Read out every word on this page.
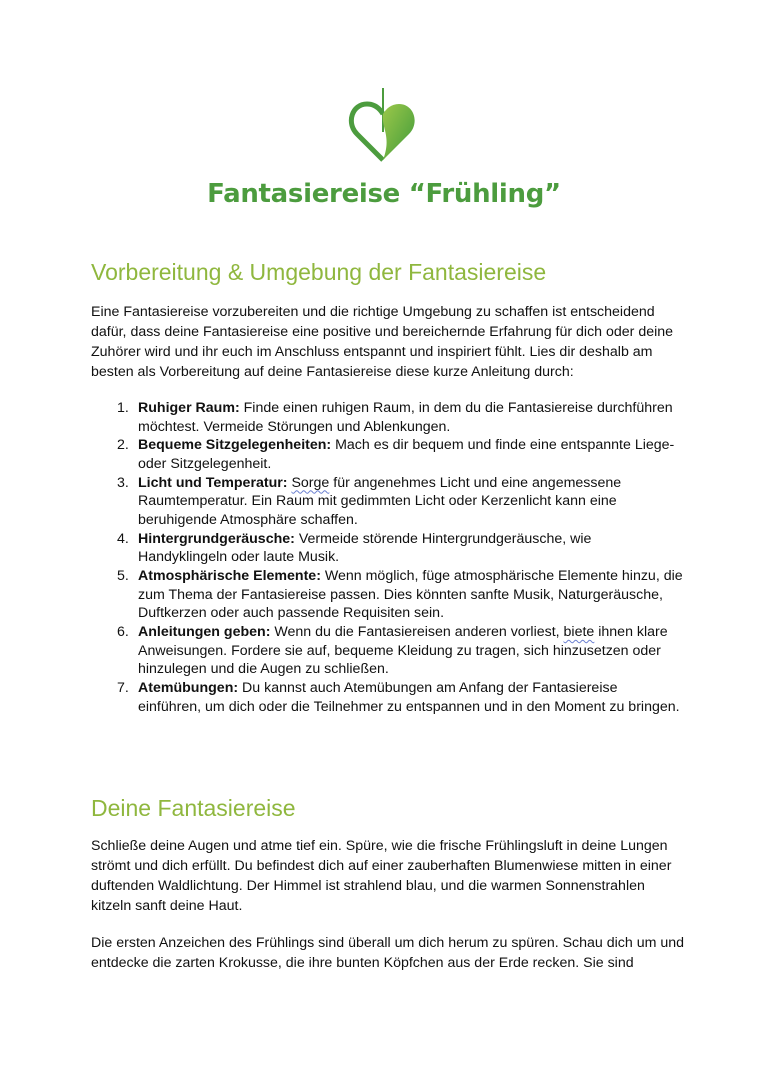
Fantasiereise “Frühling”
Vorbereitung & Umgebung der Fantasiereise
Eine Fantasiereise vorzubereiten und die richtige Umgebung zu schaffen ist entscheidend dafür, dass deine Fantasiereise eine positive und bereichernde Erfahrung für dich oder deine Zuhörer wird und ihr euch im Anschluss entspannt und inspiriert fühlt. Lies dir deshalb am besten als Vorbereitung auf deine Fantasiereise diese kurze Anleitung durch:
1. Ruhiger Raum: Finde einen ruhigen Raum, in dem du die Fantasiereise durchführen möchtest. Vermeide Störungen und Ablenkungen.
2. Bequeme Sitzgelegenheiten: Mach es dir bequem und finde eine entspannte Liege- oder Sitzgelegenheit.
3. Licht und Temperatur: Sorge für angenehmes Licht und eine angemessene Raumtemperatur. Ein Raum mit gedimmten Licht oder Kerzenlicht kann eine beruhigende Atmosphäre schaffen.
4. Hintergrundgeräusche: Vermeide störende Hintergrundgeräusche, wie Handyklingeln oder laute Musik.
5. Atmosphärische Elemente: Wenn möglich, füge atmosphärische Elemente hinzu, die zum Thema der Fantasiereise passen. Dies könnten sanfte Musik, Naturgeräusche, Duftkerzen oder auch passende Requisiten sein.
6. Anleitungen geben: Wenn du die Fantasiereisen anderen vorliest, biete ihnen klare Anweisungen. Fordere sie auf, bequeme Kleidung zu tragen, sich hinzusetzen oder hinzulegen und die Augen zu schließen.
7. Atemübungen: Du kannst auch Atemübungen am Anfang der Fantasiereise einführen, um dich oder die Teilnehmer zu entspannen und in den Moment zu bringen.
Deine Fantasiereise
Schließe deine Augen und atme tief ein. Spüre, wie die frische Frühlingsluft in deine Lungen strömt und dich erfüllt. Du befindest dich auf einer zauberhaften Blumenwiese mitten in einer duftenden Waldlichtung. Der Himmel ist strahlend blau, und die warmen Sonnenstrahlen kitzeln sanft deine Haut.
Die ersten Anzeichen des Frühlings sind überall um dich herum zu spüren. Schau dich um und entdecke die zarten Krokusse, die ihre bunten Köpfchen aus der Erde recken. Sie sind
